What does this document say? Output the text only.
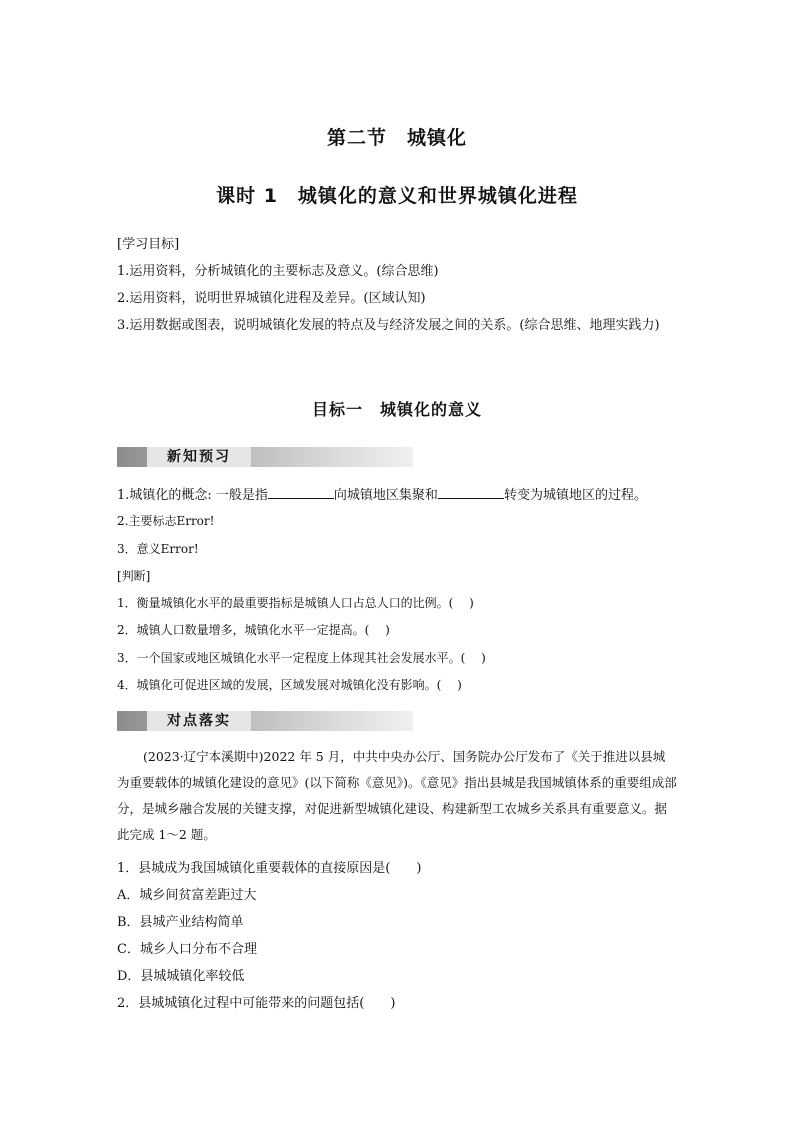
第二节　城镇化
课时 1　城镇化的意义和世界城镇化进程
[学习目标]
1.运用资料，分析城镇化的主要标志及意义。(综合思维)
2.运用资料，说明世界城镇化进程及差异。(区域认知)
3.运用数据或图表，说明城镇化发展的特点及与经济发展之间的关系。(综合思维、地理实践力)
目标一　城镇化的意义
新知预习
1.城镇化的概念: 一般是指	向城镇地区集聚和	转变为城镇地区的过程。
2.主要标志Error!
3．意义Error!
[判断]
1．衡量城镇化水平的最重要指标是城镇人口占总人口的比例。(　 )
2．城镇人口数量增多，城镇化水平一定提高。(　 )
3．一个国家或地区城镇化水平一定程度上体现其社会发展水平。(　 )
4．城镇化可促进区域的发展，区域发展对城镇化没有影响。(　 )
对点落实
(2023·辽宁本溪期中)2022 年 5 月，中共中央办公厅、国务院办公厅发布了《关于推进以县城为重要载体的城镇化建设的意见》(以下简称《意见》)。《意见》指出县城是我国城镇体系的重要组成部分，是城乡融合发展的关键支撑，对促进新型城镇化建设、构建新型工农城乡关系具有重要意义。据此完成 1～2 题。
1．县城成为我国城镇化重要载体的直接原因是(　　)
A．城乡间贫富差距过大
B．县城产业结构简单
C．城乡人口分布不合理
D．县城城镇化率较低
2．县城城镇化过程中可能带来的问题包括(　　)
